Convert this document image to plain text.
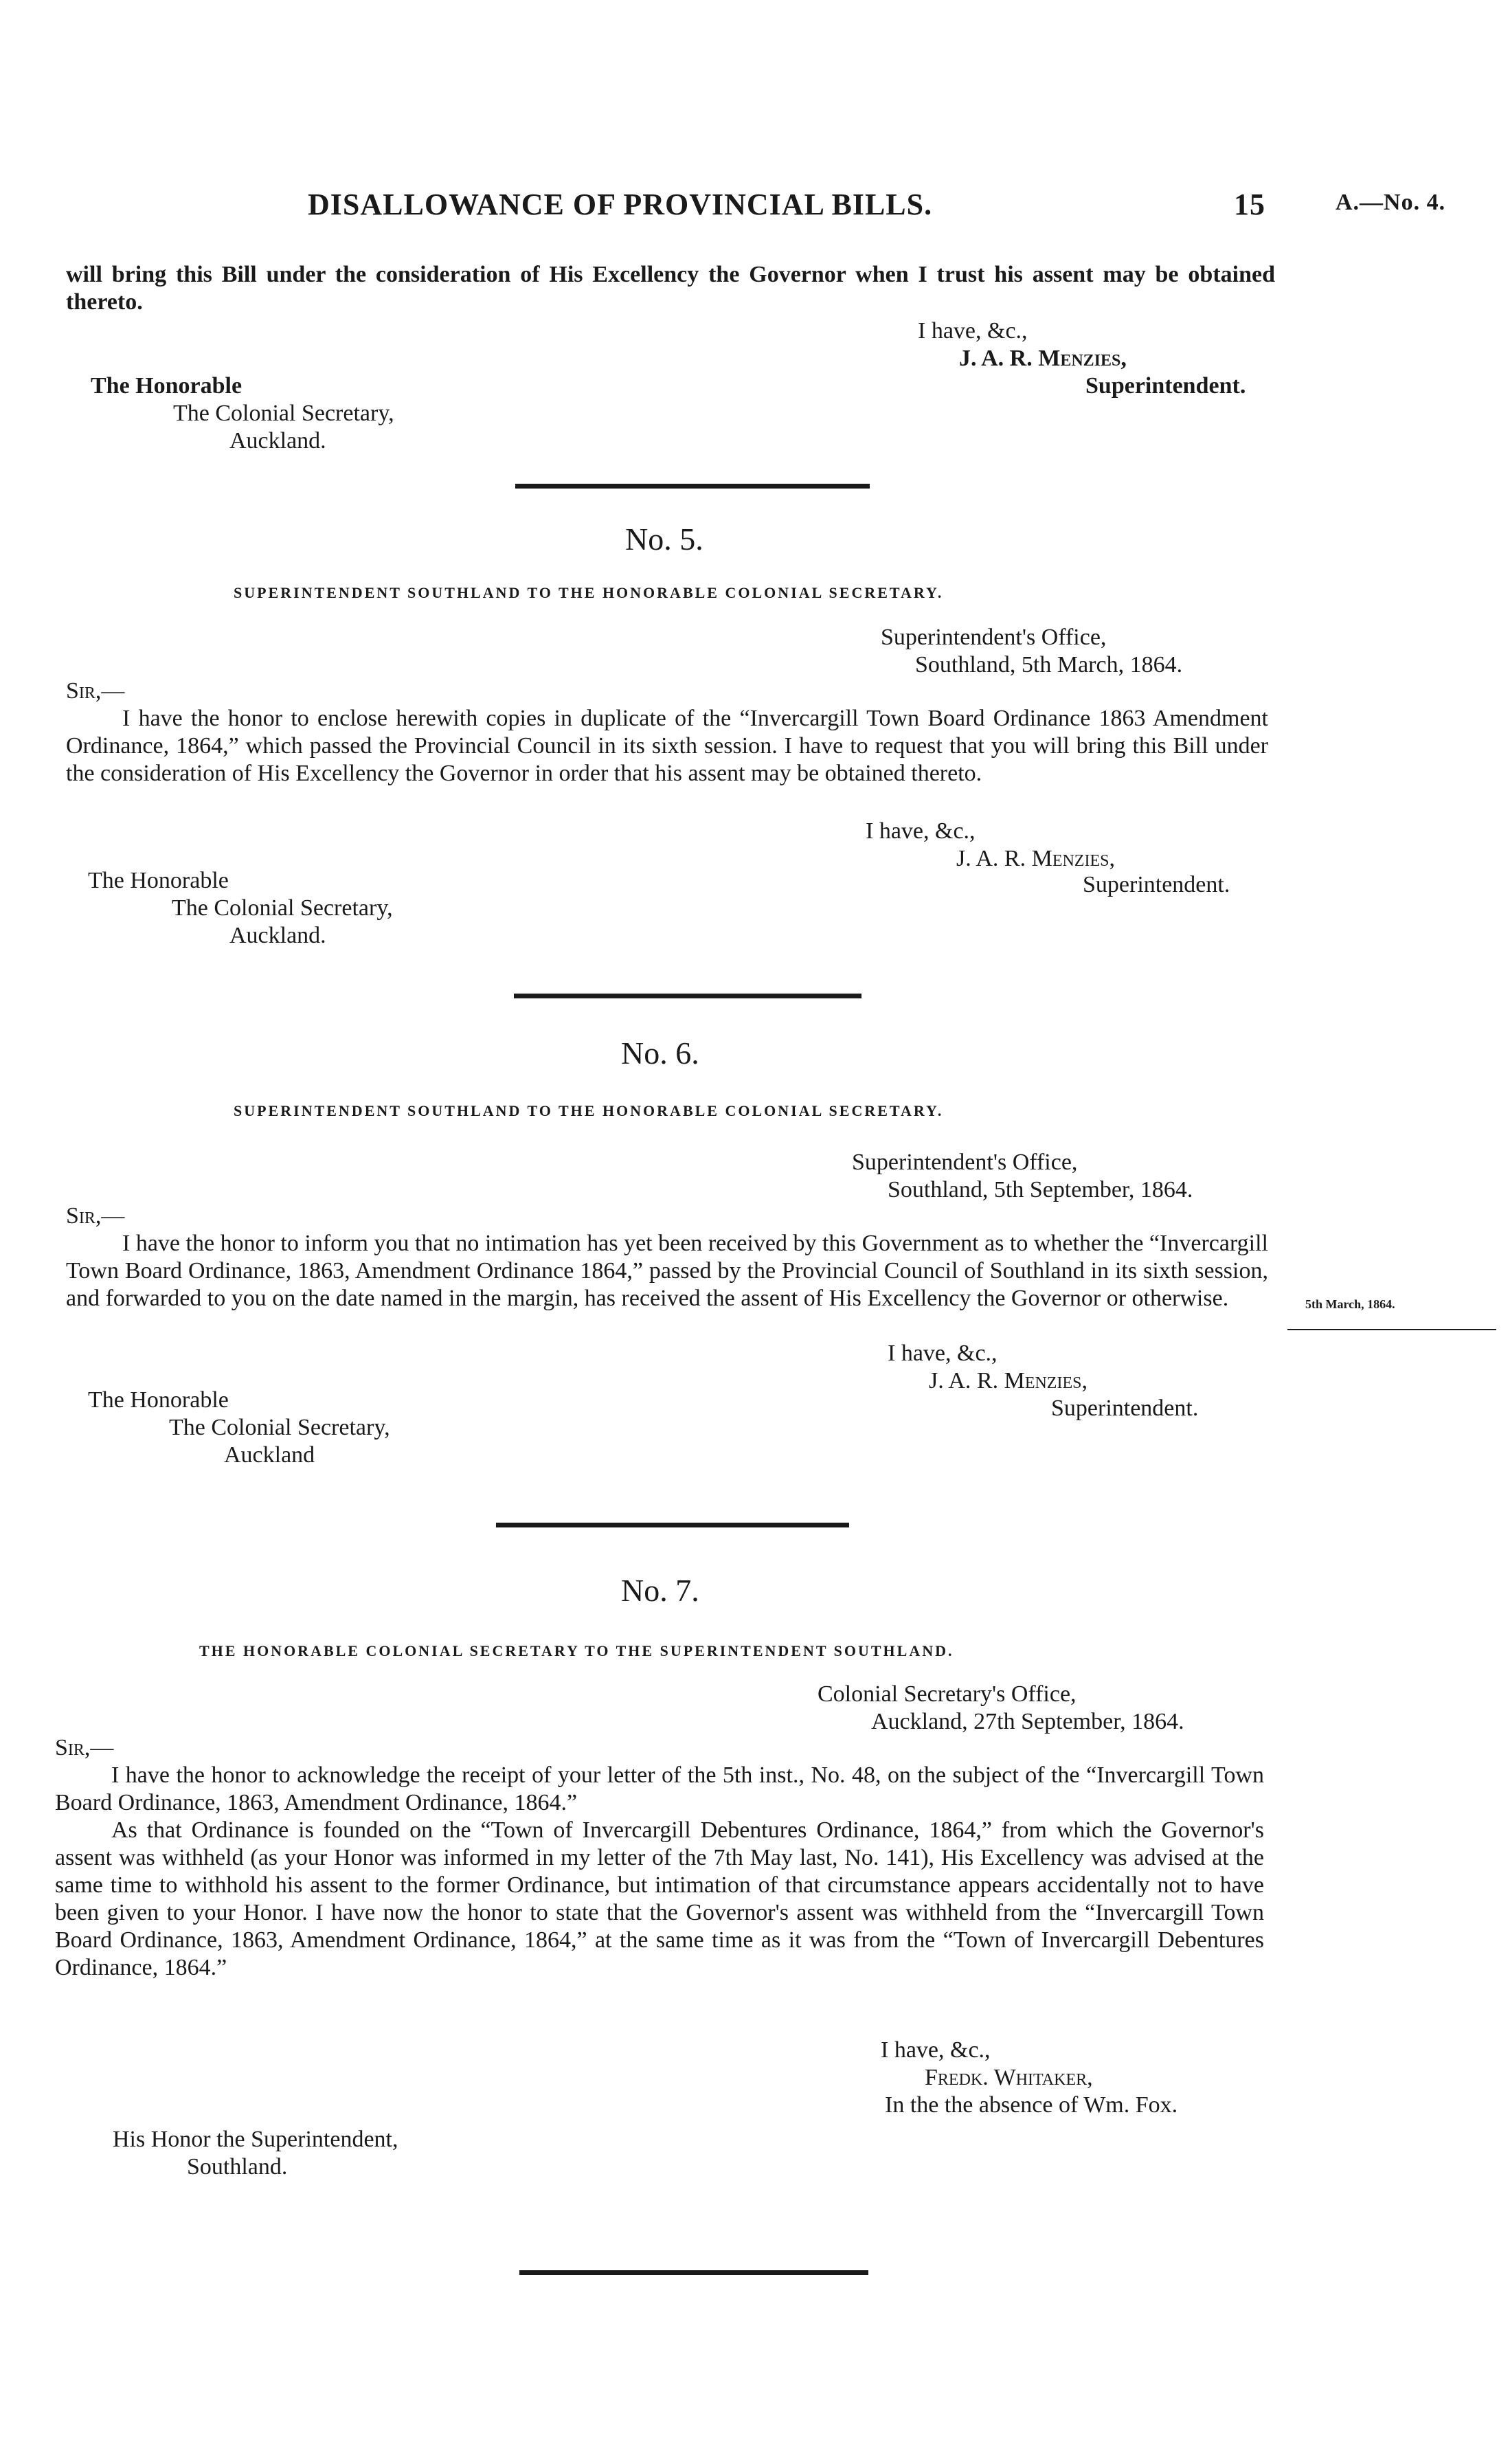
DISALLOWANCE OF PROVINCIAL BILLS.	15	A.—No. 4.
will bring this Bill under the consideration of His Excellency the Governor when I trust his assent may be obtained thereto.
I have, &c.,
J. A. R. Menzies,
Superintendent.
The Honorable
The Colonial Secretary,
Auckland.
No. 5.
SUPERINTENDENT SOUTHLAND TO THE HONORABLE COLONIAL SECRETARY.
Superintendent's Office,
Southland, 5th March, 1864.
Sir,—

I have the honor to enclose herewith copies in duplicate of the “Invercargill Town Board Ordinance 1863 Amendment Ordinance, 1864,” which passed the Provincial Council in its sixth session. I have to request that you will bring this Bill under the consideration of His Excellency the Governor in order that his assent may be obtained thereto.

I have, &c.,
J. A. R. Menzies,
Superintendent.
The Honorable
The Colonial Secretary,
Auckland.
No. 6.
SUPERINTENDENT SOUTHLAND TO THE HONORABLE COLONIAL SECRETARY.
Superintendent's Office,
Southland, 5th September, 1864.
Sir,—

I have the honor to inform you that no intimation has yet been received by this Government as to whether the “Invercargill Town Board Ordinance, 1863, Amendment Ordinance 1864,” passed by the Provincial Council of Southland in its sixth session, and forwarded to you on the date named in the margin, has received the assent of His Excellency the Governor or otherwise.	5th March, 1864.
I have, &c.,
J. A. R. Menzies,
Superintendent.
The Honorable
The Colonial Secretary,
Auckland
No. 7.
THE HONORABLE COLONIAL SECRETARY TO THE SUPERINTENDENT SOUTHLAND.
Colonial Secretary's Office,
Auckland, 27th September, 1864.
Sir,—

I have the honor to acknowledge the receipt of your letter of the 5th inst., No. 48, on the subject of the “Invercargill Town Board Ordinance, 1863, Amendment Ordinance, 1864.”

As that Ordinance is founded on the “Town of Invercargill Debentures Ordinance, 1864,” from which the Governor's assent was withheld (as your Honor was informed in my letter of the 7th May last, No. 141), His Excellency was advised at the same time to withhold his assent to the former Ordinance, but intimation of that circumstance appears accidentally not to have been given to your Honor. I have now the honor to state that the Governor's assent was withheld from the “Invercargill Town Board Ordinance, 1863, Amendment Ordinance, 1864,” at the same time as it was from the “Town of Invercargill Debentures Ordinance, 1864.”

I have, &c.,
Fredk. Whitaker,
In the the absence of Wm. Fox.
His Honor the Superintendent,
Southland.
